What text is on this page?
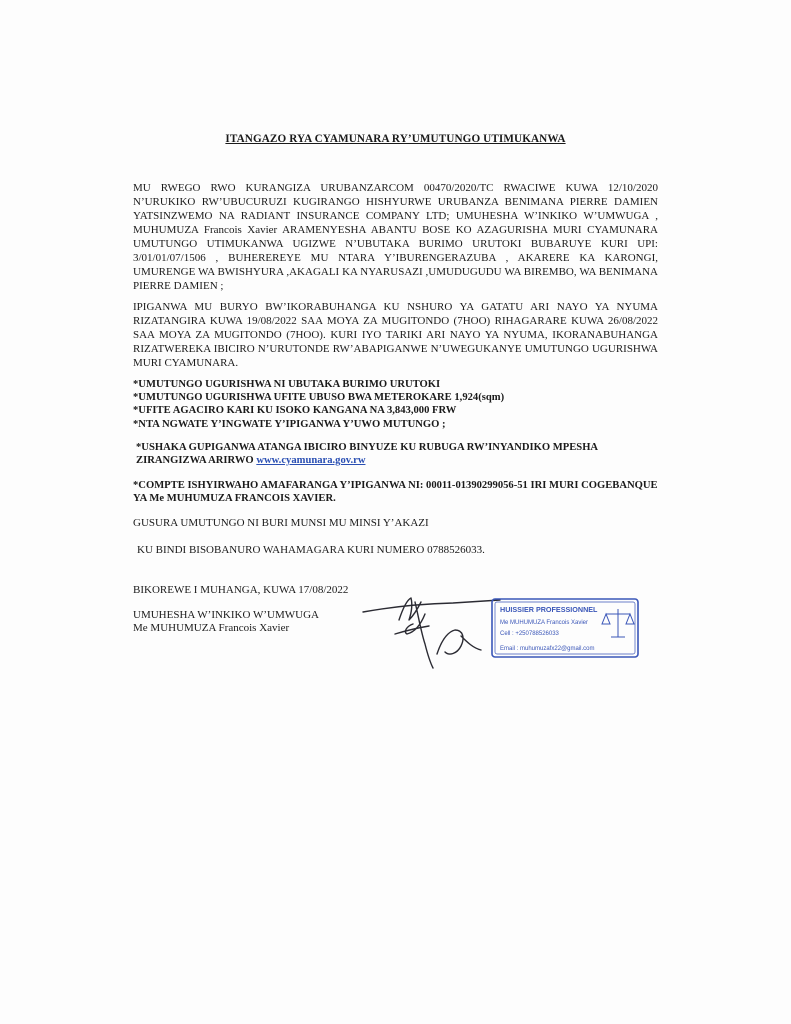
ITANGAZO RYA CYAMUNARA RY’UMUTUNGO UTIMUKANWA

MU RWEGO RWO KURANGIZA URUBANZARCOM 00470/2020/TC RWACIWE KUWA 12/10/2020 N’URUKIKO RW’UBUCURUZI KUGIRANGO HISHYURWE URUBANZA BENIMANA PIERRE DAMIEN YATSINZWEMO NA RADIANT INSURANCE COMPANY LTD; UMUHESHA W’INKIKO W’UMWUGA , MUHUMUZA Francois Xavier ARAMENYESHA ABANTU BOSE KO AZAGURISHA MURI CYAMUNARA UMUTUNGO UTIMUKANWA UGIZWE N’UBUTAKA BURIMO URUTOKI BUBARUYE KURI UPI: 3/01/01/07/1506 , BUHEREREYE MU NTARA Y’IBURENGERAZUBA , AKARERE KA KARONGI, UMURENGE WA BWISHYURA ,AKAGALI KA NYARUSAZI ,UMUDUGUDU WA BIREMBO, WA BENIMANA PIERRE DAMIEN ;

IPIGANWA MU BURYO BW’IKORABUHANGA KU NSHURO YA GATATU ARI NAYO YA NYUMA RIZATANGIRA KUWA 19/08/2022 SAA MOYA ZA MUGITONDO (7HOO) RIHAGARARE KUWA 26/08/2022 SAA MOYA ZA MUGITONDO (7HOO). KURI IYO TARIKI ARI NAYO YA NYUMA, IKORANABUHANGA RIZATWEREKA IBICIRO N’URUTONDE RW’ABAPIGANWE N’UWEGUKANYE UMUTUNGO UGURISHWA MURI CYAMUNARA.

*UMUTUNGO UGURISHWA NI UBUTAKA BURIMO URUTOKI
*UMUTUNGO UGURISHWA UFITE UBUSO BWA METEROKARE 1,924(sqm)
*UFITE AGACIRO KARI KU ISOKO KANGANA NA 3,843,000 FRW
*NTA NGWATE Y’INGWATE Y’IPIGANWA Y’UWO MUTUNGO ;

*USHAKA GUPIGANWA ATANGA IBICIRO BINYUZE KU RUBUGA RW’INYANDIKO MPESHA ZIRANGIZWA ARIRWO www.cyamunara.gov.rw

*COMPTE ISHYIRWAHO AMAFARANGA Y’IPIGANWA NI: 00011-01390299056-51 IRI MURI COGEBANQUE YA Me MUHUMUZA FRANCOIS XAVIER.

GUSURA UMUTUNGO NI BURI MUNSI MU MINSI Y’AKAZI
KU BINDI BISOBANURO WAHAMAGARA KURI NUMERO 0788526033.
BIKOREWE I MUHANGA, KUWA 17/08/2022
UMUHESHA W’INKIKO W’UMWUGA
Me MUHUMUZA Francois Xavier
HUISSIER PROFESSIONNEL
Me MUHUMUZA Francois Xavier
Cell : +250788526033
Email : muhumuzafx22@gmail.com
